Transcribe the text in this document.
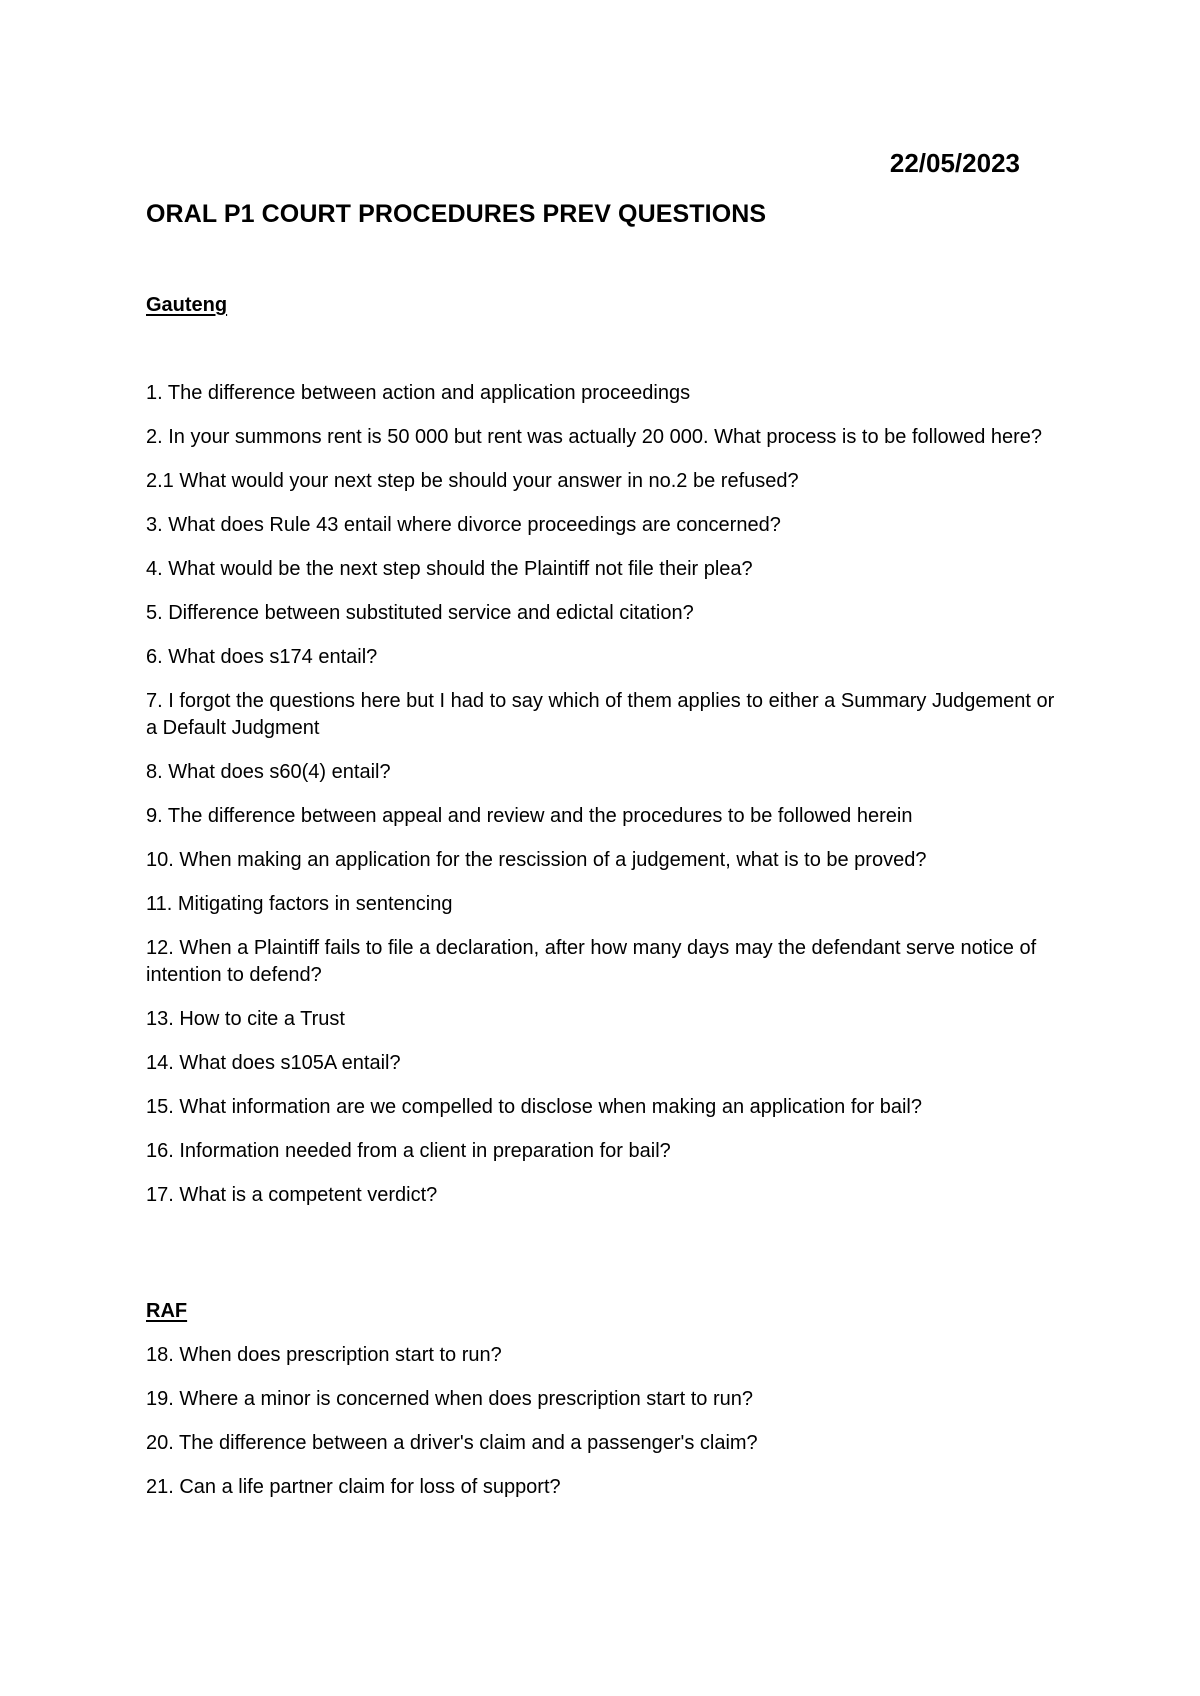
22/05/2023
ORAL P1 COURT PROCEDURES PREV QUESTIONS
Gauteng
1. The difference between action and application proceedings
2. In your summons rent is 50 000 but rent was actually 20 000. What process is to be followed here?
2.1 What would your next step be should your answer in no.2 be refused?
3. What does Rule 43 entail where divorce proceedings are concerned?
4. What would be the next step should the Plaintiff not file their plea?
5. Difference between substituted service and edictal citation?
6. What does s174 entail?
7. I forgot the questions here but I had to say which of them applies to either a Summary Judgement or a Default Judgment
8. What does s60(4) entail?
9. The difference between appeal and review and the procedures to be followed herein
10. When making an application for the rescission of a judgement, what is to be proved?
11. Mitigating factors in sentencing
12. When a Plaintiff fails to file a declaration, after how many days may the defendant serve notice of intention to defend?
13. How to cite a Trust
14. What does s105A entail?
15. What information are we compelled to disclose when making an application for bail?
16. Information needed from a client in preparation for bail?
17. What is a competent verdict?
RAF
18. When does prescription start to run?
19. Where a minor is concerned when does prescription start to run?
20. The difference between a driver's claim and a passenger's claim?
21. Can a life partner claim for loss of support?
